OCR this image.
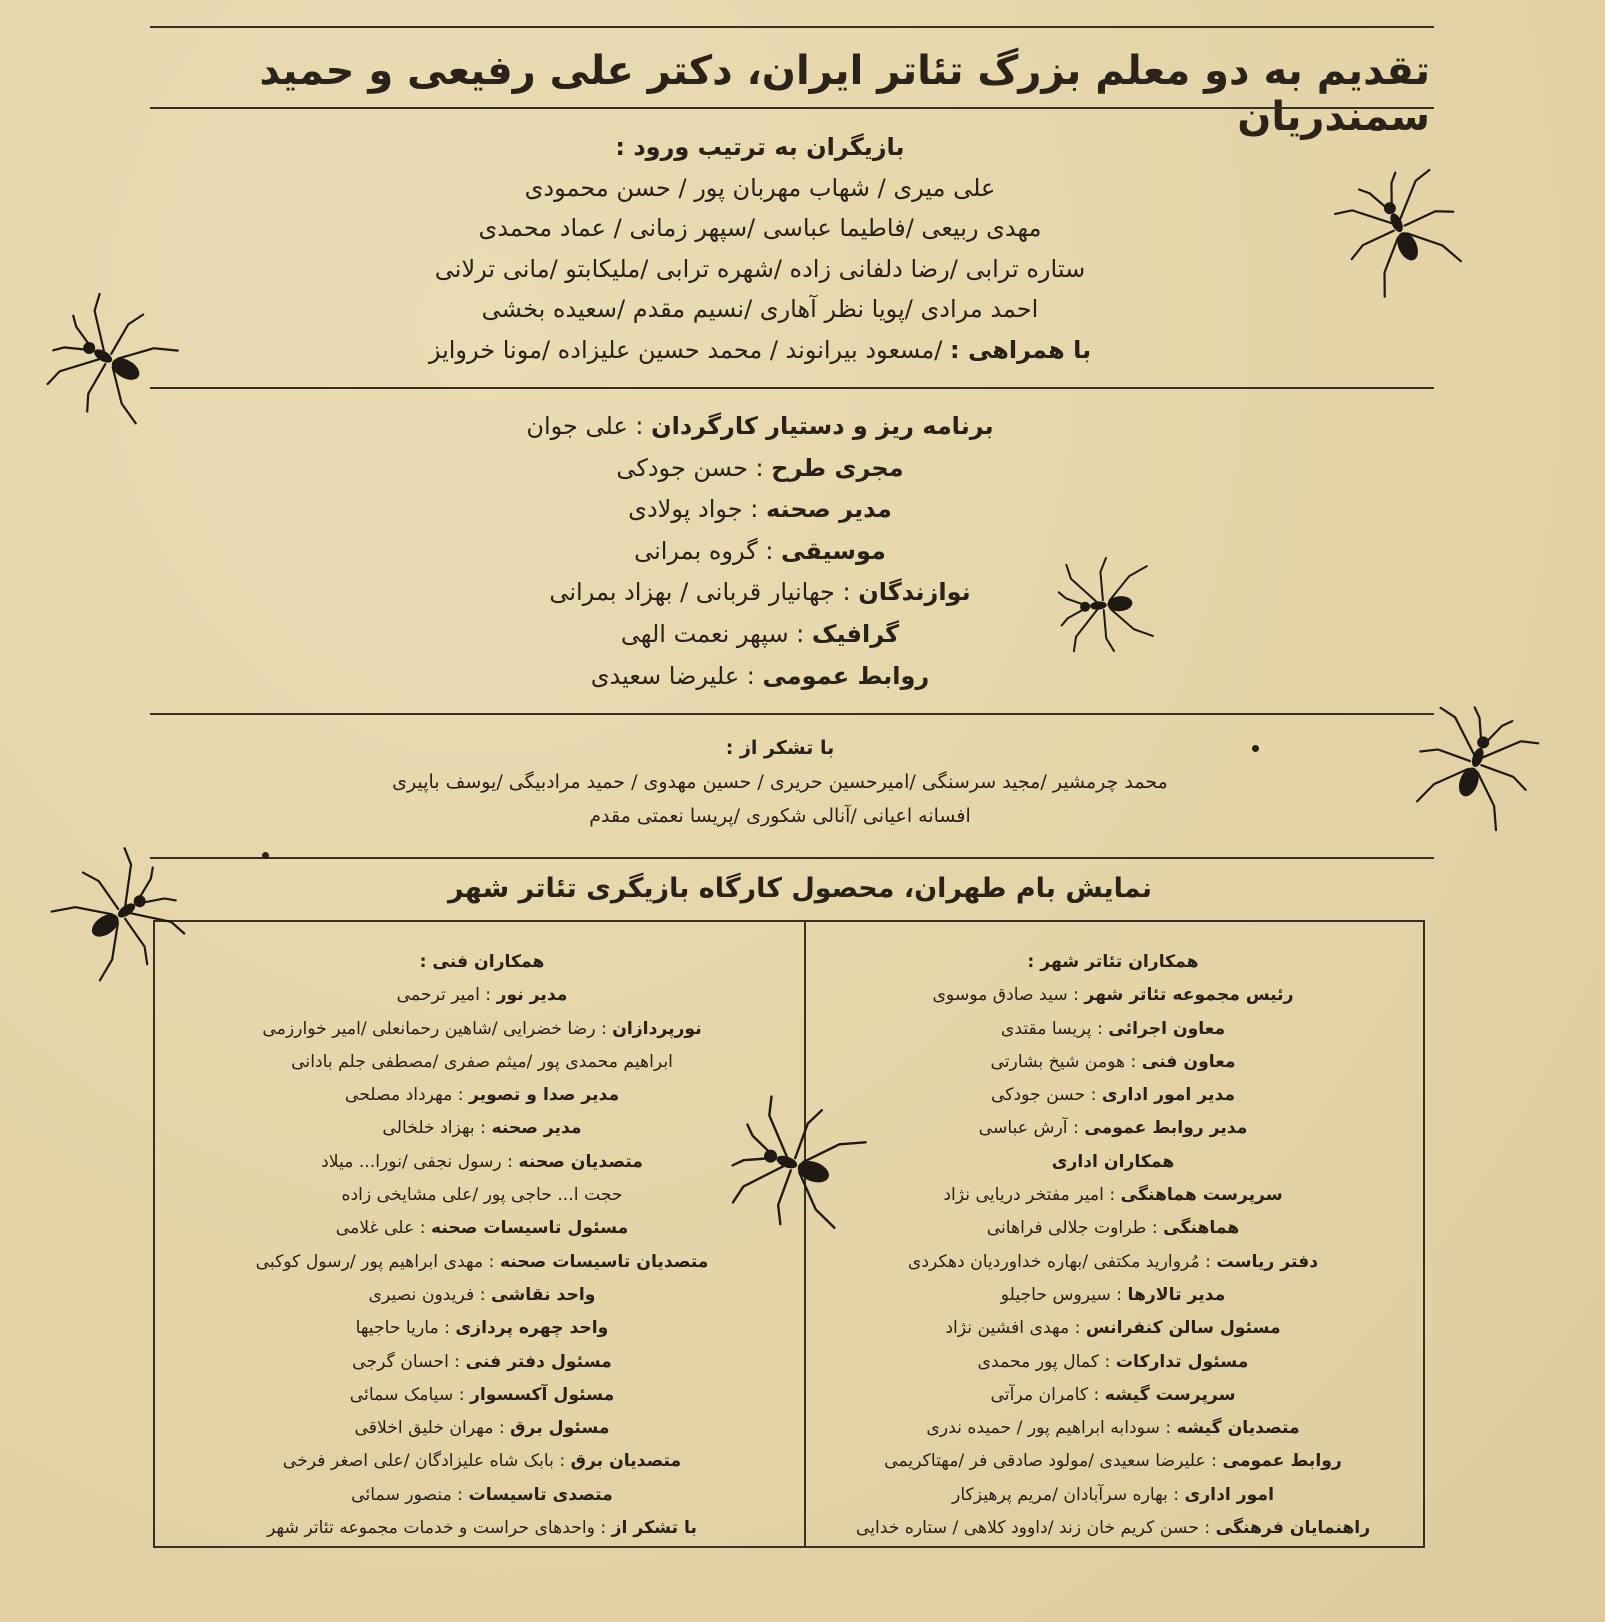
تقدیم به دو معلم بزرگ تئاتر ایران، دکتر علی رفیعی و حمید سمندریان
بازیگران به ترتیب ورود :
علی میری / شهاب مهربان پور / حسن محمودی
مهدی ربیعی /فاطیما عباسی /سپهر زمانی / عماد محمدی
ستاره ترابی /رضا دلفانی زاده /شهره ترابی /ملیکابتو /مانی ترلانی
احمد مرادی /پویا نظر آهاری /نسیم مقدم /سعیده بخشی
با همراهی : /مسعود بیرانوند / محمد حسین علیزاده /مونا خروایز
برنامه ریز و دستیار کارگردان : علی جوان
مجری طرح : حسن جودکی
مدیر صحنه : جواد پولادی
موسیقی : گروه بمرانی
نوازندگان : جهانیار قربانی / بهزاد بمرانی
گرافیک : سپهر نعمت الهی
روابط عمومی : علیرضا سعیدی
با تشکر از :
محمد چرمشیر /مجید سرسنگی /امیرحسین حریری / حسین مهدوی / حمید مرادبیگی /یوسف باپیری
افسانه اعیانی /آنالی شکوری /پریسا نعمتی مقدم
نمایش بام طهران، محصول کارگاه بازیگری تئاتر شهر
همکاران تئاتر شهر :
رئیس مجموعه تئاتر شهر : سید صادق موسوی
معاون اجرائی : پریسا مقتدی
معاون فنی : هومن شیخ بشارتی
مدیر امور اداری : حسن جودکی
مدیر روابط عمومی : آرش عباسی
همکاران اداری
سرپرست هماهنگی : امیر مفتخر دریایی نژاد
هماهنگی : طراوت جلالی فراهانی
دفتر ریاست : مُروارید مکتفی /بهاره خداوردیان دهکردی
مدیر تالارها : سیروس حاجیلو
مسئول سالن کنفرانس : مهدی افشین نژاد
مسئول تدارکات : کمال پور محمدی
سرپرست گیشه : کامران مرآتی
متصدیان گیشه : سودابه ابراهیم پور / حمیده ندری
روابط عمومی : علیرضا سعیدی /مولود صادقی فر /مهتاکریمی
امور اداری : بهاره سرآبادان /مریم پرهیزکار
راهنمایان فرهنگی : حسن کریم خان زند /داوود کلاهی / ستاره خدایی
همکاران فنی :
مدیر نور : امیر ترحمی
نورپردازان : رضا خضرایی /شاهین رحمانعلی /امیر خوارزمی
ابراهیم محمدی پور /میثم صفری /مصطفی جلم بادانی
مدیر صدا و تصویر : مهرداد مصلحی
مدیر صحنه : بهزاد خلخالی
متصدیان صحنه : رسول نجفی /نورا... میلاد
حجت ا... حاجی پور /علی مشایخی زاده
مسئول تاسیسات صحنه : علی غلامی
متصدیان تاسیسات صحنه : مهدی ابراهیم پور /رسول کوکبی
واحد نقاشی : فریدون نصیری
واحد چهره پردازی : ماریا حاجیها
مسئول دفتر فنی : احسان گرجی
مسئول آکسسوار : سیامک سمائی
مسئول برق : مهران خلیق اخلاقی
متصدیان برق : بابک شاه علیزادگان /علی اصغر فرخی
متصدی تاسیسات : منصور سمائی
با تشکر از : واحدهای حراست و خدمات مجموعه تئاتر شهر
